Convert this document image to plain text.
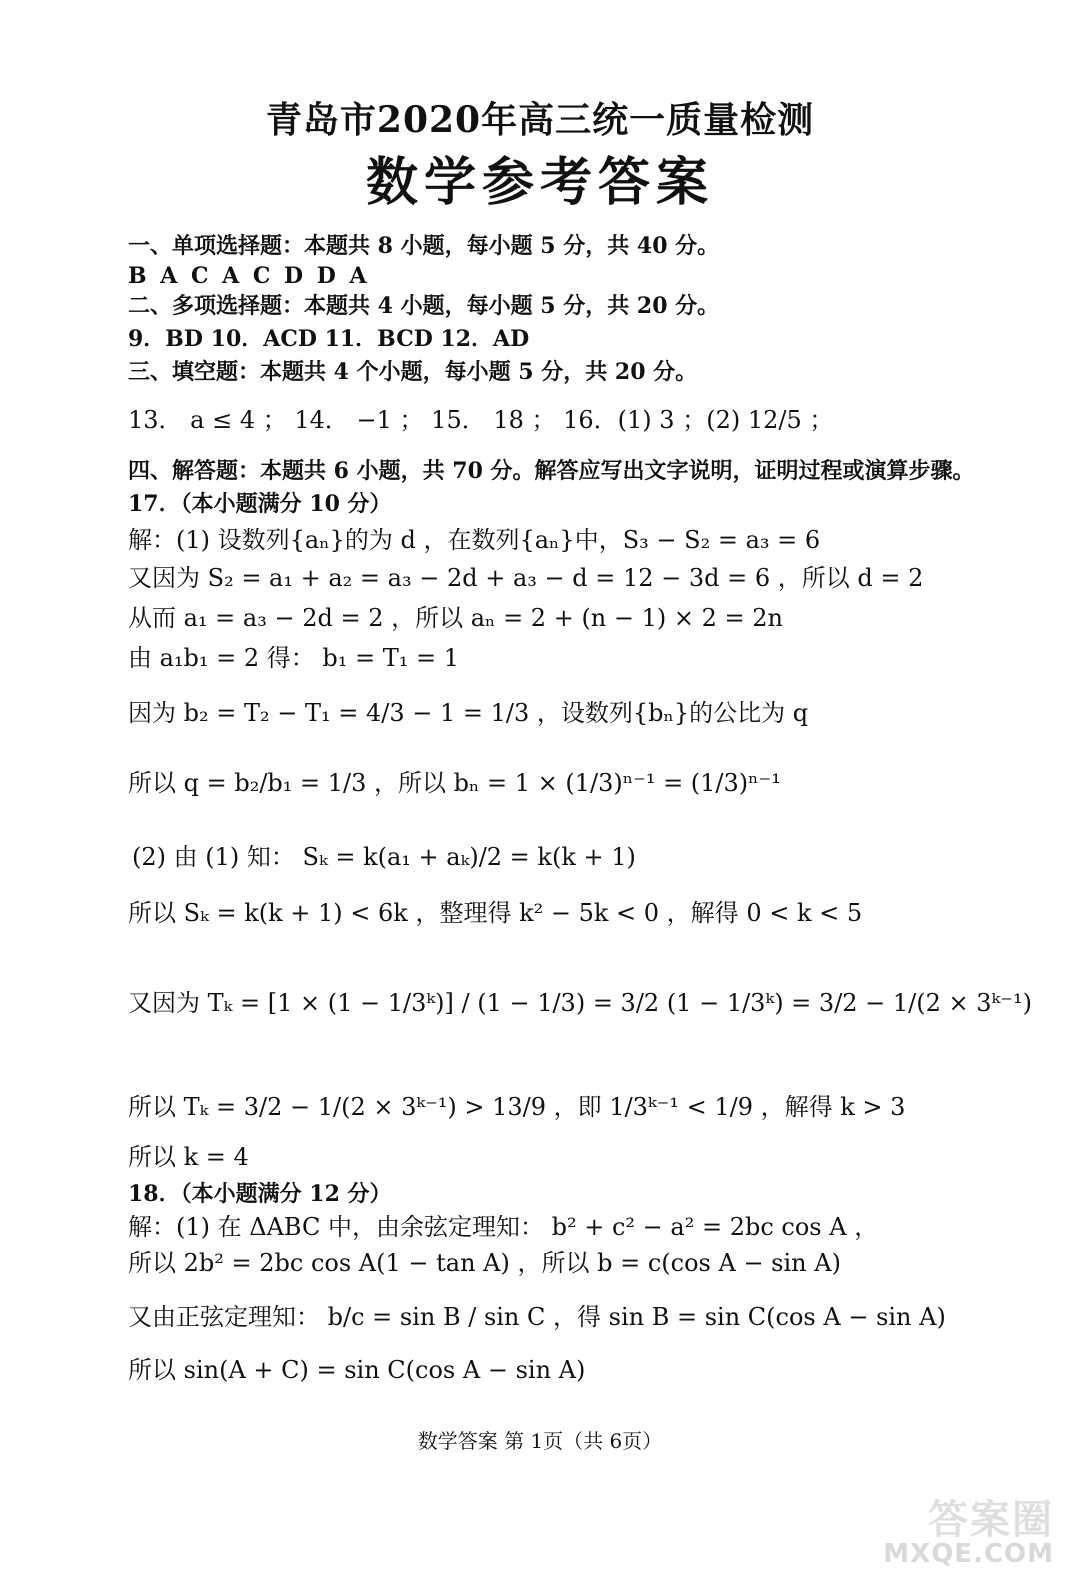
青岛市2020年高三统一质量检测
数学参考答案
一、单项选择题：本题共 8 小题，每小题 5 分，共 40 分。
B A C A C D D A
二、多项选择题：本题共 4 小题，每小题 5 分，共 20 分。
9．BD 10．ACD 11．BCD 12．AD
三、填空题：本题共 4 个小题，每小题 5 分，共 20 分。
13． a ≤ 4 ； 14． −1 ； 15． 18 ； 16．(1) 3 ；(2) 12/5 ；
四、解答题：本题共 6 小题，共 70 分。解答应写出文字说明，证明过程或演算步骤。
17．（本小题满分 10 分）
解：(1) 设数列{aₙ}的为 d ，在数列{aₙ}中，S₃ − S₂ = a₃ = 6
又因为 S₂ = a₁ + a₂ = a₃ − 2d + a₃ − d = 12 − 3d = 6 ，所以 d = 2
从而 a₁ = a₃ − 2d = 2 ，所以 aₙ = 2 + (n − 1) × 2 = 2n
由 a₁b₁ = 2 得： b₁ = T₁ = 1
因为 b₂ = T₂ − T₁ = 4/3 − 1 = 1/3 ，设数列{bₙ}的公比为 q
所以 q = b₂/b₁ = 1/3 ，所以 bₙ = 1 × (1/3)ⁿ⁻¹ = (1/3)ⁿ⁻¹
(2) 由 (1) 知： Sₖ = k(a₁ + aₖ)/2 = k(k + 1)
所以 Sₖ = k(k + 1) < 6k ，整理得 k² − 5k < 0 ，解得 0 < k < 5
又因为 Tₖ = [1 × (1 − 1/3ᵏ)] / (1 − 1/3) = 3/2 (1 − 1/3ᵏ) = 3/2 − 1/(2 × 3ᵏ⁻¹)
所以 Tₖ = 3/2 − 1/(2 × 3ᵏ⁻¹) > 13/9 ，即 1/3ᵏ⁻¹ < 1/9 ，解得 k > 3
所以 k = 4
18．（本小题满分 12 分）
解：(1) 在 ΔABC 中，由余弦定理知： b² + c² − a² = 2bc cos A ，
所以 2b² = 2bc cos A(1 − tan A) ，所以 b = c(cos A − sin A)
又由正弦定理知： b/c = sin B / sin C ，得 sin B = sin C(cos A − sin A)
所以 sin(A + C) = sin C(cos A − sin A)
数学答案 第 1页（共 6页）
答案圈
MXQE.COM
